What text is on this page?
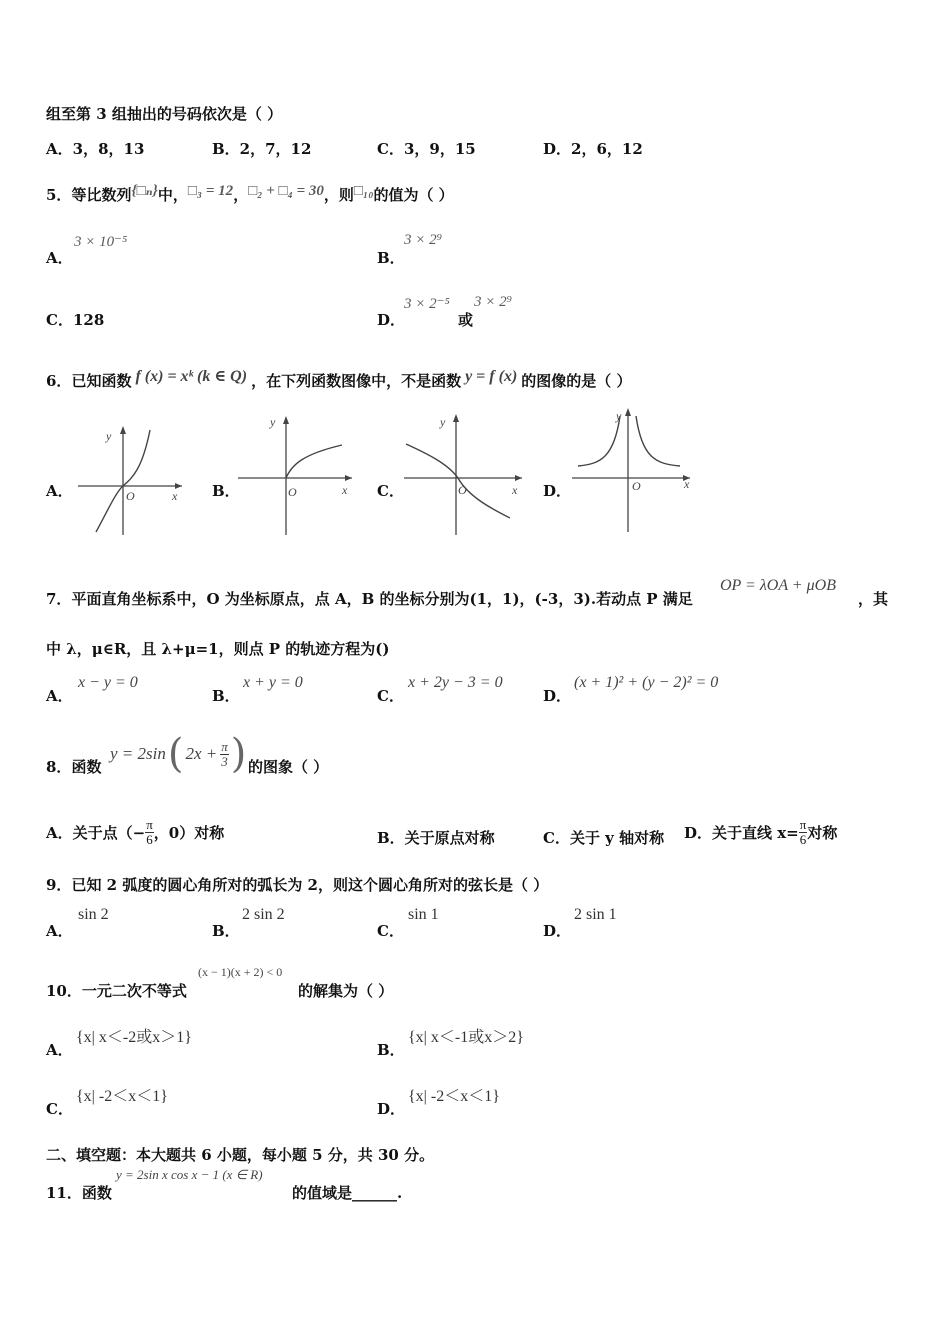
组至第 3 组抽出的号码依次是（ ）
A．3，8，13	B．2，7，12	C．3，9，15	D．2，6，12
5．等比数列{□ₙ}中，□₃ = 12，□₂ + □₄ = 30，则□₁₀的值为（ ）
A．
3 × 10⁻⁵
B．
3 × 2⁹
C．128	D．
3 × 2⁻⁵
或
3 × 2⁹
6．已知函数 f (x) = xᵏ (k ∈ Q) ，在下列函数图像中，不是函数 y = f (x) 的图像的是（ ）
A．
y
x
O	B．
y
x
O	C．
y
x
O	D．
y
x
O
7．平面直角坐标系中，O 为坐标原点，点 A，B 的坐标分别为(1，1)，(-3，3).若动点 P 满足
OP = λOA + μOB
，其
中 λ，μ∈R，且 λ+μ=1，则点 P 的轨迹方程为()
A．
x − y = 0
B．
x + y = 0
C．
x + 2y − 3 = 0
D．
(x + 1)² + (y − 2)² = 0
8．函数
y = 2sin ( $2x + \frac{\pi}{3}$ ) 的图象（ ）
A．关于点（− $\frac{\pi}{6}$ ，0）对称	B．关于原点对称	C．关于 y 轴对称 D．关于直线 $x= \frac{\pi}{6}$ 对称
9．已知 2 弧度的圆心角所对的弧长为 2，则这个圆心角所对的弦长是（ ）
A．
sin 2
B．
2 sin 2
C．
sin 1
D．
2 sin 1
10．一元二次不等式
(x − 1)(x + 2) < 0
的解集为（ ）
A．
{x| x＜-2或x＞1}
B．
{x| x＜-1或x＞2}
C．
{x| -2＜x＜1}
D．
{x| -2＜x＜1}
二、填空题：本大题共 6 小题，每小题 5 分，共 30 分。
11．函数
y = 2sin x cos x − 1 (x ∈ R)
的值域是______.
